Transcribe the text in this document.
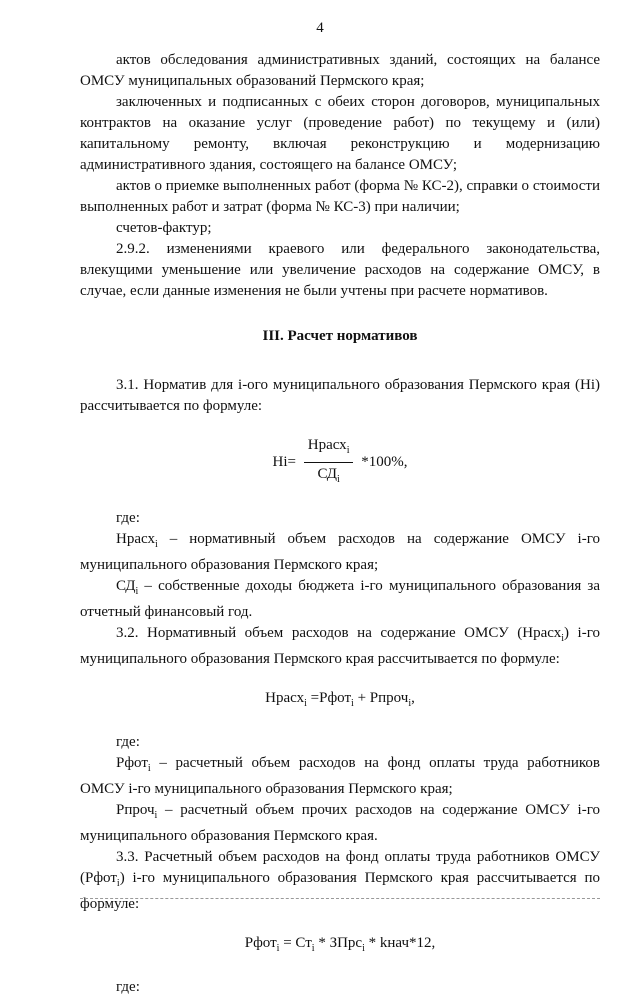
4

актов обследования административных зданий, состоящих на балансе ОМСУ муниципальных образований Пермского края;

заключенных и подписанных с обеих сторон договоров, муниципальных контрактов на оказание услуг (проведение работ) по текущему и (или) капитальному ремонту, включая реконструкцию и модернизацию административного здания, состоящего на балансе ОМСУ;

актов о приемке выполненных работ (форма № КС-2), справки о стоимости выполненных работ и затрат (форма № КС-3) при наличии;

счетов-фактур;

2.9.2. изменениями краевого или федерального законодательства, влекущими уменьшение или увеличение расходов на содержание ОМСУ, в случае, если данные изменения не были учтены при расчете нормативов.

III. Расчет нормативов

3.1. Норматив для i-ого муниципального образования Пермского края (Нi) рассчитывается по формуле:

$Нi= \frac{Нрасх_i}{СД_i} *100\%$,

где:

Нрасх$_i$ – нормативный объем расходов на содержание ОМСУ i-го муниципального образования Пермского края;

$СД_i$ – собственные доходы бюджета i-го муниципального образования за отчетный финансовый год.

3.2. Нормативный объем расходов на содержание ОМСУ (Нрасх$_i$) i-го муниципального образования Пермского края рассчитывается по формуле:

Нрасх$_i$ =Рфот$_i$ + Рпроч$_i$,

где:

Рфот$_i$ – расчетный объем расходов на фонд оплаты труда работников ОМСУ i-го муниципального образования Пермского края;

Рпроч$_i$ – расчетный объем прочих расходов на содержание ОМСУ i-го муниципального образования Пермского края.

3.3. Расчетный объем расходов на фонд оплаты труда работников ОМСУ (Рфот$_i$) i-го муниципального образования Пермского края рассчитывается по формуле:

Рфот$_i$ = $Ст_i$ * ЗПрс$_i$ * kнач*12,

где:
